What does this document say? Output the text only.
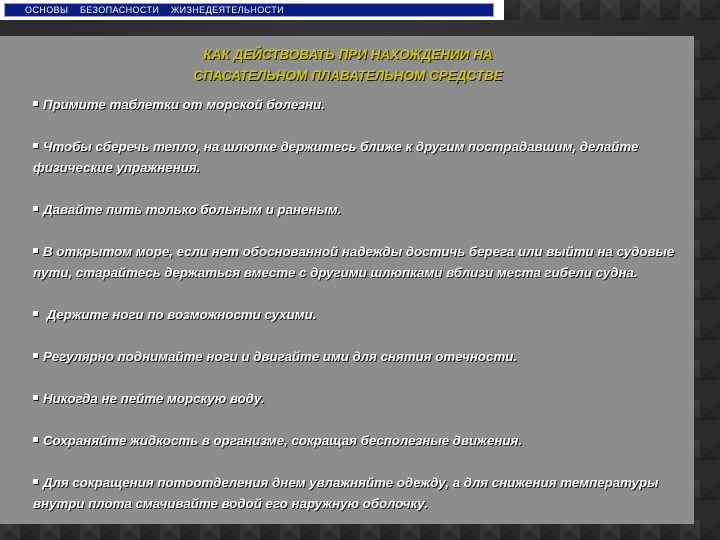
ОСНОВЫ    БЕЗОПАСНОСТИ    ЖИЗНЕДЕЯТЕЛЬНОСТИ
КАК ДЕЙСТВОВАТЬ ПРИ НАХОЖДЕНИИ НА
СПАСАТЕЛЬНОМ ПЛАВАТЕЛЬНОМ СРЕДСТВЕ
Примите таблетки от морской болезни.
Чтобы сберечь тепло, на шлюпке держитесь ближе к другим пострадавшим, делайте физические упражнения.
Давайте пить только больным и раненым.
В открытом море, если нет обоснованной надежды достичь берега или выйти на судовые пути, старайтесь держаться вместе с другими шлюпками вблизи места гибели судна.
Держите ноги по возможности сухими.
Регулярно поднимайте ноги и двигайте ими для снятия отечности.
Никогда не пейте морскую воду.
Сохраняйте жидкость в организме, сокращая бесполезные движения.
Для сокращения потоотделения днем увлажняйте одежду, а для снижения температуры внутри плота смачивайте водой его наружную оболочку.
